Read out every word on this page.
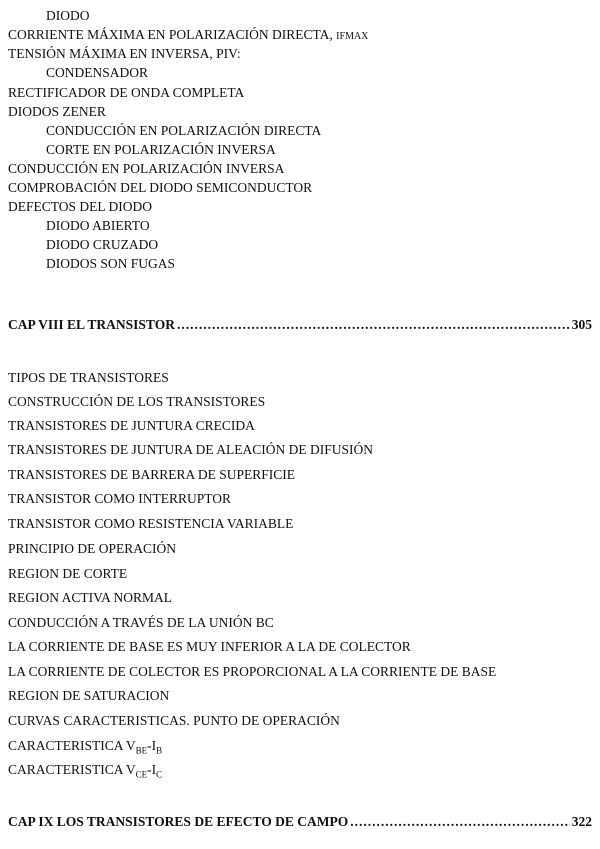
DIODO
CORRIENTE MÁXIMA EN POLARIZACIÓN DIRECTA, IFMAX
TENSIÓN MÁXIMA EN INVERSA, PIV:
CONDENSADOR
RECTIFICADOR DE ONDA COMPLETA
DIODOS ZENER
CONDUCCIÓN EN POLARIZACIÓN DIRECTA
CORTE EN POLARIZACIÓN INVERSA
CONDUCCIÓN EN POLARIZACIÓN INVERSA
COMPROBACIÓN DEL DIODO SEMICONDUCTOR
DEFECTOS DEL DIODO
DIODO ABIERTO
DIODO CRUZADO
DIODOS SON FUGAS
CAP VIII EL TRANSISTOR .....	305
TIPOS DE TRANSISTORES
CONSTRUCCIÓN DE LOS TRANSISTORES
TRANSISTORES DE JUNTURA CRECIDA
TRANSISTORES DE JUNTURA DE ALEACIÓN DE DIFUSIÓN
TRANSISTORES DE BARRERA DE SUPERFICIE
TRANSISTOR COMO INTERRUPTOR
TRANSISTOR COMO RESISTENCIA VARIABLE
PRINCIPIO DE OPERACIÓN
REGION DE CORTE
REGION ACTIVA NORMAL
CONDUCCIÓN A TRAVÉS DE LA UNIÓN BC
LA CORRIENTE DE BASE ES MUY INFERIOR A LA DE COLECTOR
LA CORRIENTE DE COLECTOR ES PROPORCIONAL A LA CORRIENTE DE BASE
REGION DE SATURACION
CURVAS CARACTERISTICAS. PUNTO DE OPERACIÓN
CARACTERISTICA $V_{BE}-I_B$
CARACTERISTICA $V_{CE}-I_C$
CAP IX LOS TRANSISTORES DE EFECTO DE CAMPO .....	322
